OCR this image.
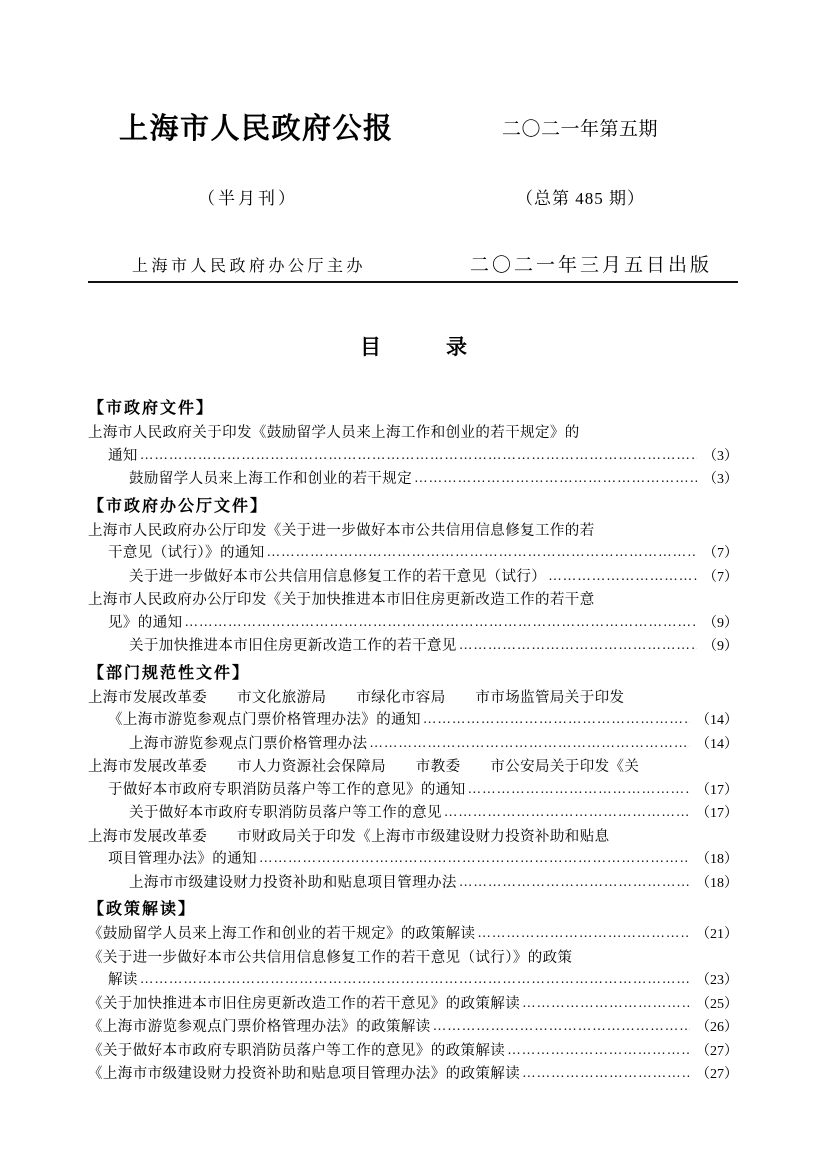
上海市人民政府公报	二〇二一年第五期
（半月刊）	（总第 485 期）
上海市人民政府办公厅主办	二〇二一年三月五日出版
目	录
【市政府文件】
上海市人民政府关于印发《鼓励留学人员来上海工作和创业的若干规定》的
通知 ……………………………………………………………………………………………………………………………………………………………………	（3）
鼓励留学人员来上海工作和创业的若干规定 ……………………………………………………………………………………………………………………………………………………………………	（3）
【市政府办公厅文件】
上海市人民政府办公厅印发《关于进一步做好本市公共信用信息修复工作的若
干意见（试行）》的通知 ……………………………………………………………………………………………………………………………………………………………………	（7）
关于进一步做好本市公共信用信息修复工作的若干意见（试行） ……………………………………………………………………………………………………………………………………………………………………	（7）
上海市人民政府办公厅印发《关于加快推进本市旧住房更新改造工作的若干意
见》的通知 ……………………………………………………………………………………………………………………………………………………………………	（9）
关于加快推进本市旧住房更新改造工作的若干意见 ……………………………………………………………………………………………………………………………………………………………………	（9）
【部门规范性文件】
上海市发展改革委　　市文化旅游局　　市绿化市容局　　市市场监管局关于印发
《上海市游览参观点门票价格管理办法》的通知 ……………………………………………………………………………………………………………………………………………………………………	（14）
上海市游览参观点门票价格管理办法 ……………………………………………………………………………………………………………………………………………………………………	（14）
上海市发展改革委　　市人力资源社会保障局　　市教委　　市公安局关于印发《关
于做好本市政府专职消防员落户等工作的意见》的通知 ……………………………………………………………………………………………………………………………………………………………………	（17）
关于做好本市政府专职消防员落户等工作的意见 ……………………………………………………………………………………………………………………………………………………………………	（17）
上海市发展改革委　　市财政局关于印发《上海市市级建设财力投资补助和贴息
项目管理办法》的通知 ……………………………………………………………………………………………………………………………………………………………………	（18）
上海市市级建设财力投资补助和贴息项目管理办法 ……………………………………………………………………………………………………………………………………………………………………	（18）
【政策解读】
《鼓励留学人员来上海工作和创业的若干规定》的政策解读 ……………………………………………………………………………………………………………………………………………………………………	（21）
《关于进一步做好本市公共信用信息修复工作的若干意见（试行）》的政策
解读 ……………………………………………………………………………………………………………………………………………………………………	（23）
《关于加快推进本市旧住房更新改造工作的若干意见》的政策解读 ……………………………………………………………………………………………………………………………………………………………………	（25）
《上海市游览参观点门票价格管理办法》的政策解读 ……………………………………………………………………………………………………………………………………………………………………	（26）
《关于做好本市政府专职消防员落户等工作的意见》的政策解读 ……………………………………………………………………………………………………………………………………………………………………	（27）
《上海市市级建设财力投资补助和贴息项目管理办法》的政策解读 ……………………………………………………………………………………………………………………………………………………………………	（27）
